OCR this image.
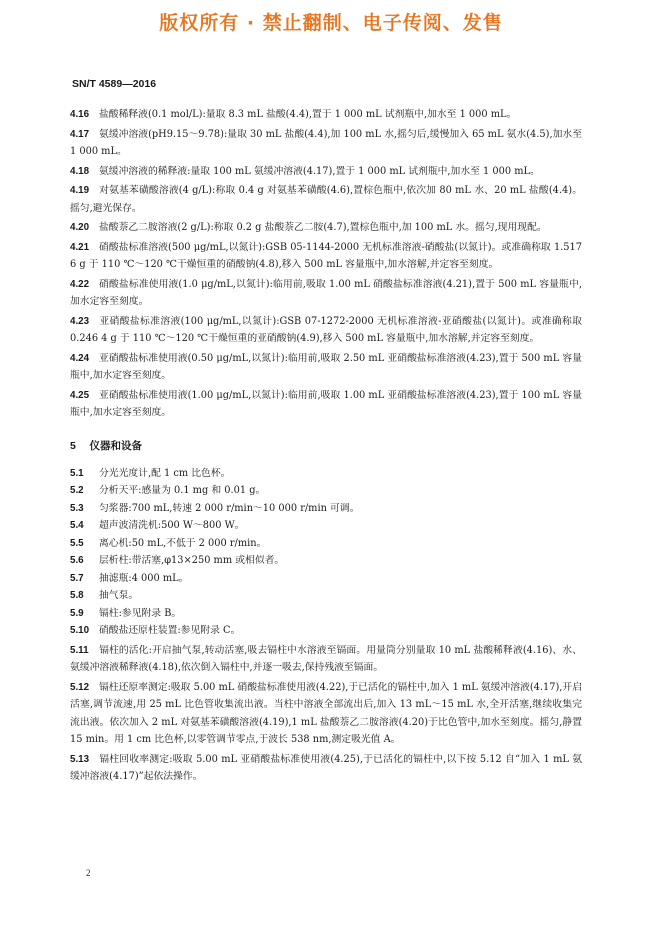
版权所有 · 禁止翻制、电子传阅、发售
SN/T 4589—2016

4.16 盐酸稀释液(0.1 mol/L):量取 8.3 mL 盐酸(4.4),置于 1 000 mL 试剂瓶中,加水至 1 000 mL。

4.17 氨缓冲溶液(pH9.15～9.78):量取 30 mL 盐酸(4.4),加 100 mL 水,摇匀后,缓慢加入 65 mL 氨水(4.5),加水至 1 000 mL。

4.18 氨缓冲溶液的稀释液:量取 100 mL 氨缓冲溶液(4.17),置于 1 000 mL 试剂瓶中,加水至 1 000 mL。

4.19 对氨基苯磺酸溶液(4 g/L):称取 0.4 g 对氨基苯磺酸(4.6),置棕色瓶中,依次加 80 mL 水、20 mL 盐酸(4.4)。摇匀,避光保存。

4.20 盐酸萘乙二胺溶液(2 g/L):称取 0.2 g 盐酸萘乙二胺(4.7),置棕色瓶中,加 100 mL 水。摇匀,现用现配。

4.21 硝酸盐标准溶液(500 μg/mL,以氮计):GSB 05-1144-2000 无机标准溶液-硝酸盐(以氮计)。或准确称取 1.517 6 g 于 110 ℃～120 ℃干燥恒重的硝酸钠(4.8),移入 500 mL 容量瓶中,加水溶解,并定容至刻度。

4.22 硝酸盐标准使用液(1.0 μg/mL,以氮计):临用前,吸取 1.00 mL 硝酸盐标准溶液(4.21),置于 500 mL 容量瓶中,加水定容至刻度。

4.23 亚硝酸盐标准溶液(100 μg/mL,以氮计):GSB 07-1272-2000 无机标准溶液-亚硝酸盐(以氮计)。或准确称取 0.246 4 g 于 110 ℃～120 ℃干燥恒重的亚硝酸钠(4.9),移入 500 mL 容量瓶中,加水溶解,并定容至刻度。

4.24 亚硝酸盐标准使用液(0.50 μg/mL,以氮计):临用前,吸取 2.50 mL 亚硝酸盐标准溶液(4.23),置于 500 mL 容量瓶中,加水定容至刻度。

4.25 亚硝酸盐标准使用液(1.00 μg/mL,以氮计):临用前,吸取 1.00 mL 亚硝酸盐标准溶液(4.23),置于 100 mL 容量瓶中,加水定容至刻度。

5 仪器和设备

5.1 分光光度计,配 1 cm 比色杯。

5.2 分析天平:感量为 0.1 mg 和 0.01 g。

5.3 匀浆器:700 mL,转速 2 000 r/min～10 000 r/min 可调。

5.4 超声波清洗机:500 W～800 W。

5.5 离心机:50 mL,不低于 2 000 r/min。

5.6 层析柱:带活塞,φ13×250 mm 或相似者。

5.7 抽滤瓶:4 000 mL。

5.8 抽气泵。

5.9 镉柱:参见附录 B。

5.10 硝酸盐还原柱装置:参见附录 C。

5.11 镉柱的活化:开启抽气泵,转动活塞,吸去镉柱中水溶液至镉面。用量筒分别量取 10 mL 盐酸稀释液(4.16)、水、氨缓冲溶液稀释液(4.18),依次倒入镉柱中,并逐一吸去,保持残液至镉面。

5.12 镉柱还原率测定:吸取 5.00 mL 硝酸盐标准使用液(4.22),于已活化的镉柱中,加入 1 mL 氨缓冲溶液(4.17),开启活塞,调节流速,用 25 mL 比色管收集流出液。当柱中溶液全部流出后,加入 13 mL～15 mL 水,全开活塞,继续收集完流出液。依次加入 2 mL 对氨基苯磺酸溶液(4.19),1 mL 盐酸萘乙二胺溶液(4.20)于比色管中,加水至刻度。摇匀,静置 15 min。用 1 cm 比色杯,以零管调节零点,于波长 538 nm,测定吸光值 A。

5.13 镉柱回收率测定:吸取 5.00 mL 亚硝酸盐标准使用液(4.25),于已活化的镉柱中,以下按 5.12 自“加入 1 mL 氨缓冲溶液(4.17)”起依法操作。

2
